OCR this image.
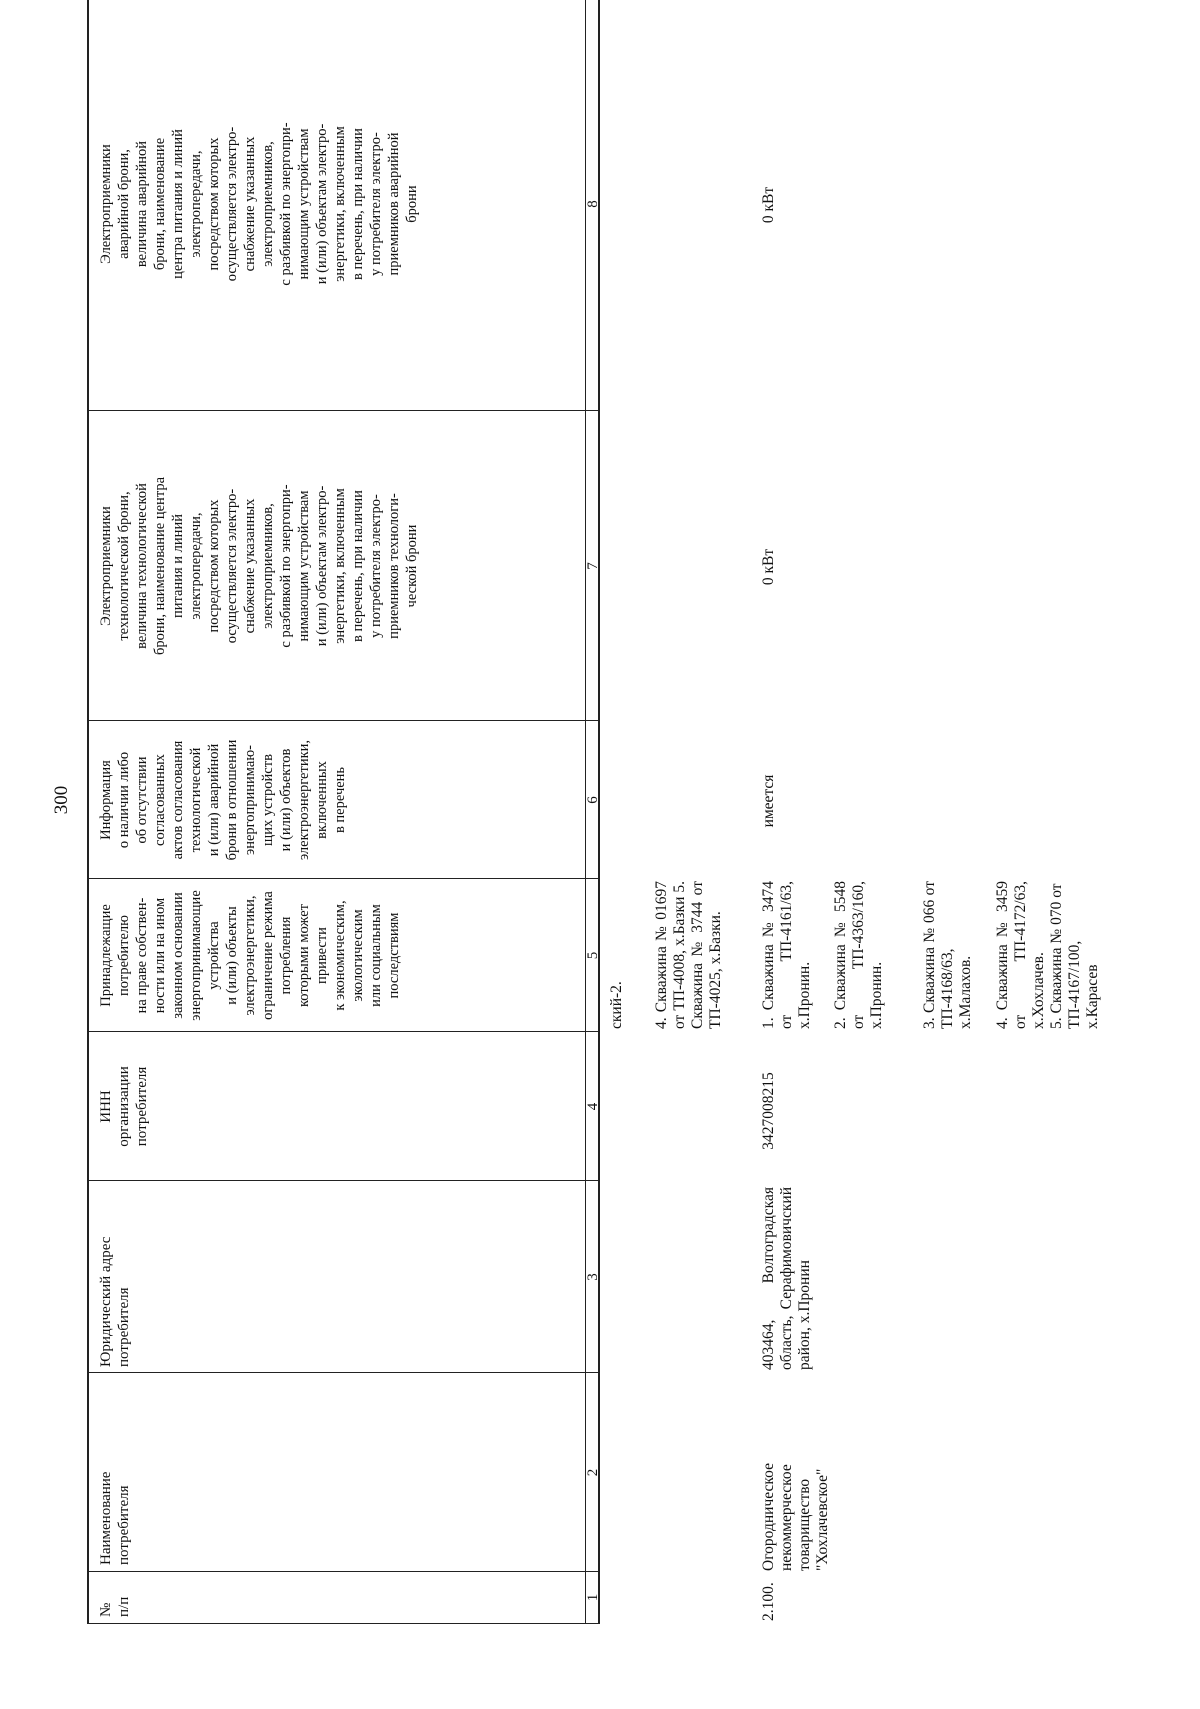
300
№
п/п
Наименование
потребителя
Юридический адрес
потребителя
ИНН
организации
потребителя
Принадлежащие
потребителю
на праве собствен-
ности или на ином
законном основании
энергопринимающие
устройства
и (или) объекты
электроэнергетики,
ограничение режима
потребления
которыми может
привести
к экономическим,
экологическим
или социальным
последствиям
Информация
о наличии либо
об отсутствии
согласованных
актов согласования
технологической
и (или) аварийной
брони в отношении
энергопринимаю-
щих устройств
и (или) объектов
электроэнергетики,
включенных
в перечень
Электроприемники
технологической брони,
величина технологической
брони, наименование центра
питания и линий
электропередачи,
посредством которых
осуществляется электро-
снабжение указанных
электроприемников,
с разбивкой по энергопри-
нимающим устройствам
и (или) объектам электро-
энергетики, включенным
в перечень, при наличии
у потребителя электро-
приемников технологи-
ческой брони
Электроприемники
аварийной брони,
величина аварийной
брони, наименование
центра питания и линий
электропередачи,
посредством которых
осуществляется электро-
снабжение указанных
электроприемников,
с разбивкой по энергопри-
нимающим устройствам
и (или) объектам электро-
энергетики, включенным
в перечень, при наличии
у потребителя электро-
приемников аварийной
брони
1
2
3
4
5
6
7
8
ский-2. 4. Скважина № 01697 от ТП-4008, х.Базки 5. Скважина № 3744 от ТП-4025, х.Базки.
2.100.
Огородническое некоммерческое товарищество "Хохлачевское"
403464, Волгоградская область, Серафимовичский район, х.Пронин
3427008215
1. Скважина № 3474 от ТП-4161/63, х.Пронин. 2. Скважина № 5548 от ТП-4363/160, х.Пронин. 3. Скважина № 066 от ТП-4168/63, х.Малахов. 4. Скважина № 3459 от ТП-4172/63, х.Хохлачев. 5. Скважина № 070 от ТП-4167/100, х.Карасев
имеется
0 кВт
0 кВт
